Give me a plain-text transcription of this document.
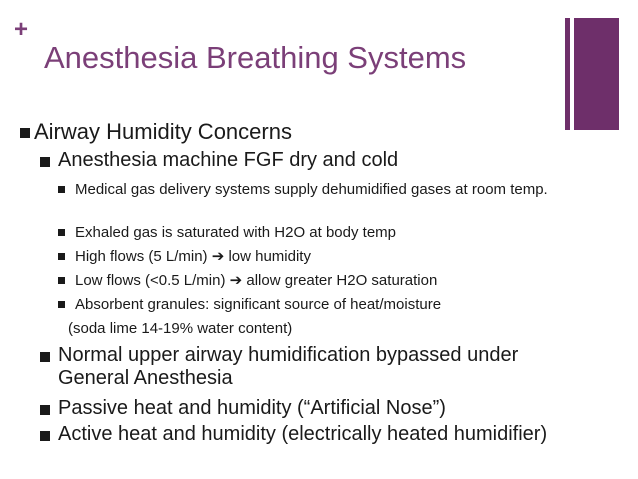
+
Anesthesia Breathing Systems
Airway Humidity Concerns
Anesthesia machine FGF dry and cold
Medical gas delivery systems supply dehumidified gases at room temp.
Exhaled gas is saturated with H2O at body temp
High flows (5 L/min) ➔ low humidity
Low flows (<0.5 L/min) ➔ allow greater H2O saturation
Absorbent granules: significant source of heat/moisture
(soda lime 14-19% water content)
Normal upper airway humidification bypassed under General Anesthesia
Passive heat and humidity (“Artificial Nose”)
Active heat and humidity (electrically heated humidifier)
